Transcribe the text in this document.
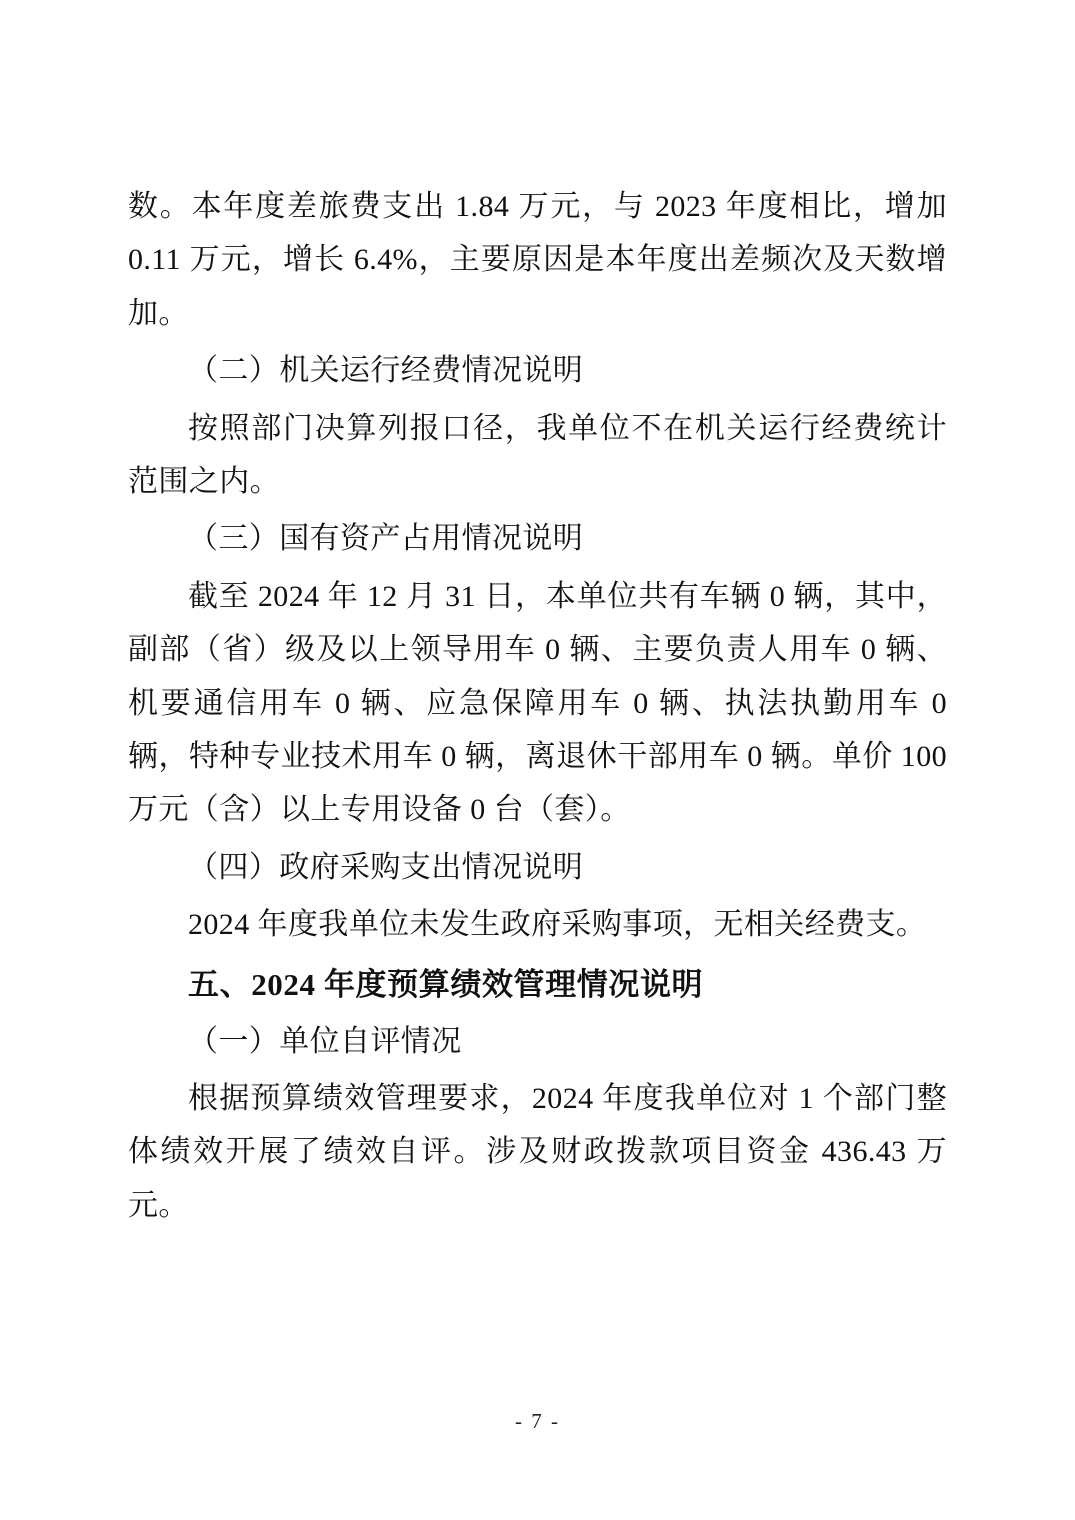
数。本年度差旅费支出 1.84 万元，与 2023 年度相比，增加 0.11 万元，增长 6.4%，主要原因是本年度出差频次及天数增加。

（二）机关运行经费情况说明

按照部门决算列报口径，我单位不在机关运行经费统计范围之内。

（三）国有资产占用情况说明

截至 2024 年 12 月 31 日，本单位共有车辆 0 辆，其中，副部（省）级及以上领导用车 0 辆、主要负责人用车 0 辆、机要通信用车 0 辆、应急保障用车 0 辆、执法执勤用车 0 辆，特种专业技术用车 0 辆，离退休干部用车 0 辆。单价 100 万元（含）以上专用设备 0 台（套）。

（四）政府采购支出情况说明

2024 年度我单位未发生政府采购事项，无相关经费支。

五、2024 年度预算绩效管理情况说明

（一）单位自评情况

根据预算绩效管理要求，2024 年度我单位对 1 个部门整体绩效开展了绩效自评。涉及财政拨款项目资金 436.43 万元。

- 7 -
